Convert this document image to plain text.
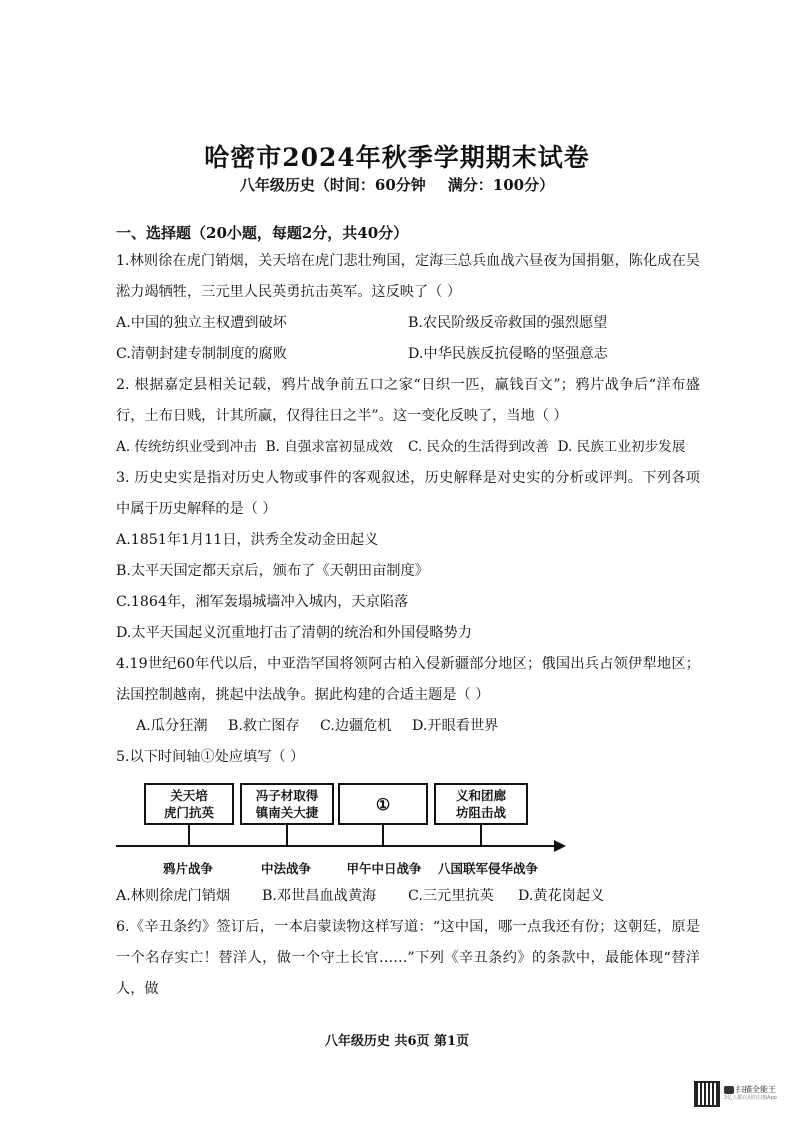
哈密市2024年秋季学期期末试卷
八年级历史（时间：60分钟 满分：100分）
一、选择题（20小题，每题2分，共40分）
1.林则徐在虎门销烟，关天培在虎门悲壮殉国，定海三总兵血战六昼夜为国捐躯，陈化成在吴淞力竭牺牲，三元里人民英勇抗击英军。这反映了（ ）
A.中国的独立主权遭到破坏	B.农民阶级反帝救国的强烈愿望
C.清朝封建专制制度的腐败	D.中华民族反抗侵略的坚强意志
2. 根据嘉定县相关记载，鸦片战争前五口之家“日织一匹，赢钱百文”；鸦片战争后“洋布盛行，土布日贱，计其所赢，仅得往日之半”。这一变化反映了，当地（ ）
A. 传统纺织业受到冲击 B. 自强求富初显成效	C. 民众的生活得到改善 D. 民族工业初步发展
3. 历史史实是指对历史人物或事件的客观叙述，历史解释是对史实的分析或评判。下列各项中属于历史解释的是（ ）
A.1851年1月11日，洪秀全发动金田起义
B.太平天国定都天京后，颁布了《天朝田亩制度》
C.1864年，湘军轰塌城墙冲入城内，天京陷落
D.太平天国起义沉重地打击了清朝的统治和外国侵略势力
4.19世纪60年代以后，中亚浩罕国将领阿古柏入侵新疆部分地区；俄国出兵占领伊犁地区；法国控制越南，挑起中法战争。据此构建的合适主题是（ ）
A.瓜分狂潮	B.救亡图存	C.边疆危机	D.开眼看世界
5.以下时间轴①处应填写（ ）
关天培
虎门抗英
冯子材取得
镇南关大捷	①	义和团廊
坊阻击战
鸦片战争	中法战争	甲午中日战争 八国联军侵华战争
A.林则徐虎门销烟	B.邓世昌血战黄海	C.三元里抗英	D.黄花岗起义
6.《辛丑条约》签订后，一本启蒙读物这样写道：“这中国，哪一点我还有份；这朝廷，原是一个名存实亡！替洋人，做一个守土长官……”下列《辛丑条约》的条款中，最能体现“替洋人，做
八年级历史 共6页 第1页
扫描全能王
3亿人都在用的扫描App
